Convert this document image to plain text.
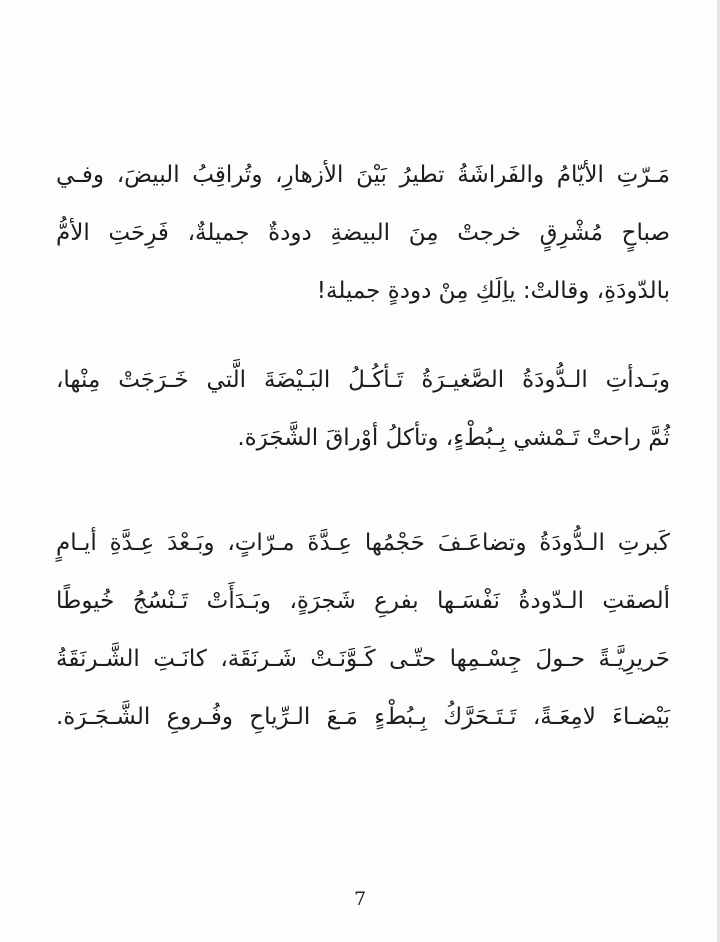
مَـرّتِ الأيّامُ والفَراشَةُ تطيرُ بَيْنَ الأزهارِ، وتُراقِبُ البيضَ، وفـي
صباحٍ مُشْرِقٍ خرجتْ مِنَ البيضةِ دودةٌ جميلةٌ، فَرِحَتِ الأمُّ
بالدّودَةِ، وقالتْ: ياِلَكِ مِنْ دودةٍ جميلة!
وبَـدأتِ الـدُّودَةُ الصَّغيـرَةُ تَـأكُـلُ البَـيْضَةَ الَّتي خَـرَجَتْ مِنْها،
ثُمَّ راحتْ تَـمْشي بِـبُطْءٍ، وتأكلُ أوْراقَ الشَّجَرَة.
كَبرتِ الـدُّودَةُ وتضاعَـفَ حَجْمُها عِـدَّةَ مـرّاتٍ، وبَـعْدَ عِـدَّةِ أيـامٍ
ألصقتِ الـدّودةُ نَفْسَـها بفرعِ شَجرَةٍ، وبَـدَأَتْ تَـنْسُجُ خُيوطًا
حَريرِيَّـةً حـولَ جِسْـمِها حتّـى كَـوَّنَـتْ شَـرنَقَة، كانَـتِ الشَّـرنَقَةُ
بَيْضـاءَ لامِعَـةً، تَـتَـحَرَّكُ بِـبُطْءٍ مَـعَ الـرِّياحِ وفُـروعِ الشَّـجَـرَة.
7
